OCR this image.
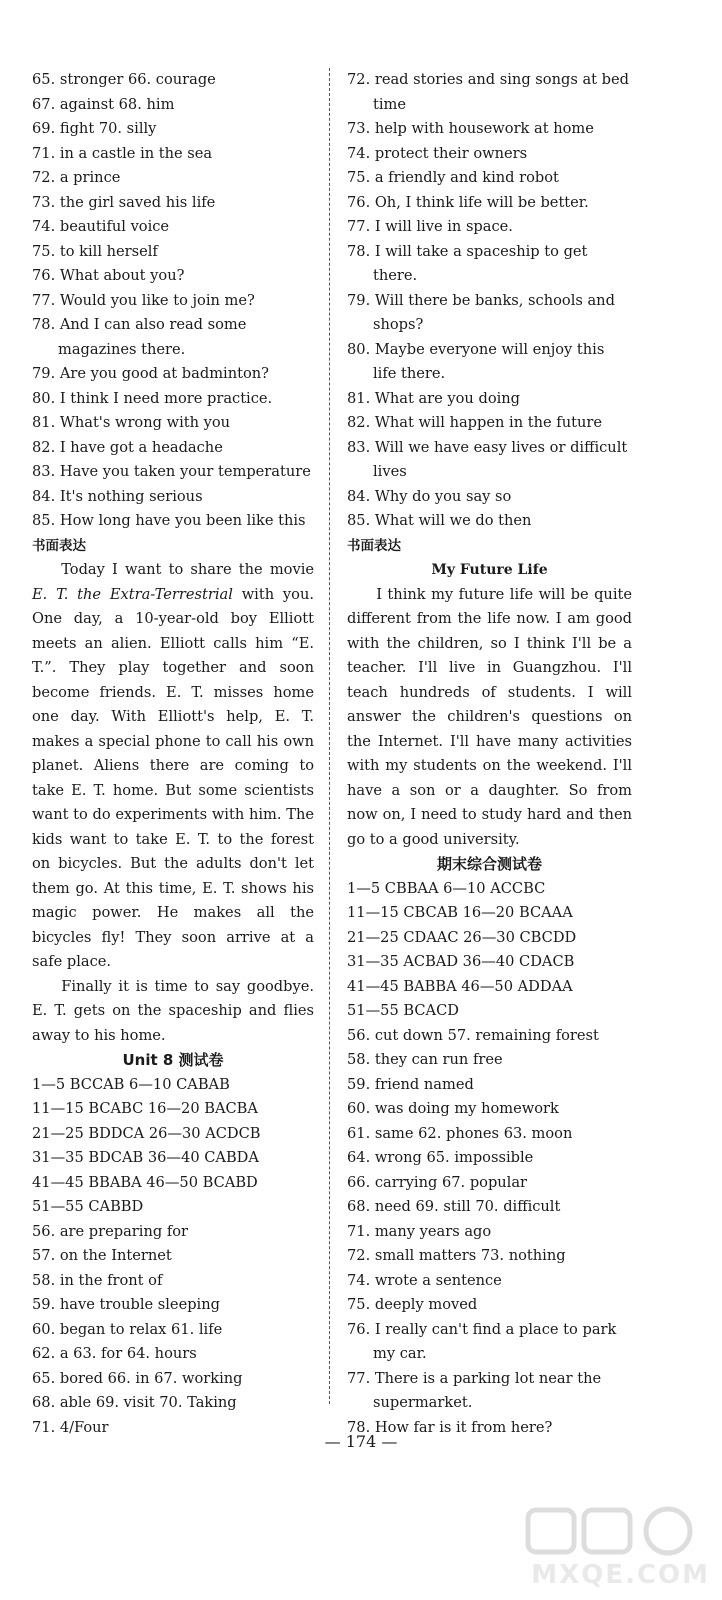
65. stronger 66. courage
67. against 68. him
69. fight 70. silly
71. in a castle in the sea
72. a prince
73. the girl saved his life
74. beautiful voice
75. to kill herself
76. What about you?
77. Would you like to join me?
78. And I can also read some magazines there.
79. Are you good at badminton?
80. I think I need more practice.
81. What's wrong with you
82. I have got a headache
83. Have you taken your temperature
84. It's nothing serious
85. How long have you been like this
书面表达
Today I want to share the movie E. T. the Extra-Terrestrial with you. One day, a 10-year-old boy Elliott meets an alien. Elliott calls him “E. T.”. They play together and soon become friends. E. T. misses home one day. With Elliott's help, E. T. makes a special phone to call his own planet. Aliens there are coming to take E. T. home. But some scientists want to do experiments with him. The kids want to take E. T. to the forest on bicycles. But the adults don't let them go. At this time, E. T. shows his magic power. He makes all the bicycles fly! They soon arrive at a safe place.
Finally it is time to say goodbye. E. T. gets on the spaceship and flies away to his home.
Unit 8 测试卷
1—5 BCCAB 6—10 CABAB
11—15 BCABC 16—20 BACBA
21—25 BDDCA 26—30 ACDCB
31—35 BDCAB 36—40 CABDA
41—45 BBABA 46—50 BCABD
51—55 CABBD
56. are preparing for
57. on the Internet
58. in the front of
59. have trouble sleeping
60. began to relax 61. life
62. a 63. for 64. hours
65. bored 66. in 67. working
68. able 69. visit 70. Taking
71. 4/Four
72. read stories and sing songs at bed time
73. help with housework at home
74. protect their owners
75. a friendly and kind robot
76. Oh, I think life will be better.
77. I will live in space.
78. I will take a spaceship to get there.
79. Will there be banks, schools and shops?
80. Maybe everyone will enjoy this life there.
81. What are you doing
82. What will happen in the future
83. Will we have easy lives or difficult lives
84. Why do you say so
85. What will we do then
书面表达
My Future Life
I think my future life will be quite different from the life now. I am good with the children, so I think I'll be a teacher. I'll live in Guangzhou. I'll teach hundreds of students. I will answer the children's questions on the Internet. I'll have many activities with my students on the weekend. I'll have a son or a daughter. So from now on, I need to study hard and then go to a good university.
期末综合测试卷
1—5 CBBAA 6—10 ACCBC
11—15 CBCAB 16—20 BCAAA
21—25 CDAAC 26—30 CBCDD
31—35 ACBAD 36—40 CDACB
41—45 BABBA 46—50 ADDAA
51—55 BCACD
56. cut down 57. remaining forest
58. they can run free
59. friend named
60. was doing my homework
61. same 62. phones 63. moon
64. wrong 65. impossible
66. carrying 67. popular
68. need 69. still 70. difficult
71. many years ago
72. small matters 73. nothing
74. wrote a sentence
75. deeply moved
76. I really can't find a place to park my car.
77. There is a parking lot near the supermarket.
78. How far is it from here?
— 174 —
MXQE.COM
